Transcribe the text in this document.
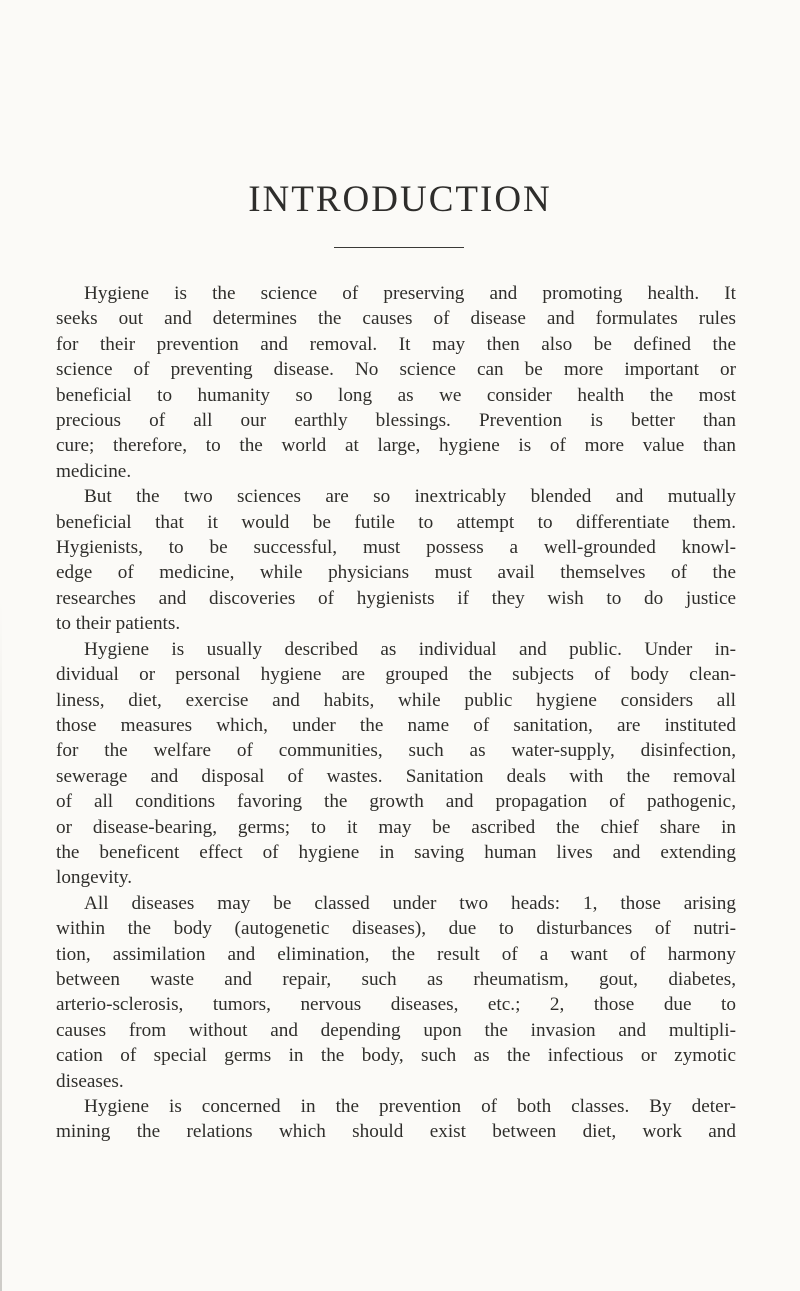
INTRODUCTION
Hygiene is the science of preserving and promoting health. It
seeks out and determines the causes of disease and formulates rules
for their prevention and removal. It may then also be defined the
science of preventing disease. No science can be more important or
beneficial to humanity so long as we consider health the most
precious of all our earthly blessings. Prevention is better than
cure; therefore, to the world at large, hygiene is of more value than
medicine.
But the two sciences are so inextricably blended and mutually
beneficial that it would be futile to attempt to differentiate them.
Hygienists, to be successful, must possess a well-grounded knowl-
edge of medicine, while physicians must avail themselves of the
researches and discoveries of hygienists if they wish to do justice
to their patients.
Hygiene is usually described as individual and public. Under in-
dividual or personal hygiene are grouped the subjects of body clean-
liness, diet, exercise and habits, while public hygiene considers all
those measures which, under the name of sanitation, are instituted
for the welfare of communities, such as water-supply, disinfection,
sewerage and disposal of wastes. Sanitation deals with the removal
of all conditions favoring the growth and propagation of pathogenic,
or disease-bearing, germs; to it may be ascribed the chief share in
the beneficent effect of hygiene in saving human lives and extending
longevity.
All diseases may be classed under two heads: 1, those arising
within the body (autogenetic diseases), due to disturbances of nutri-
tion, assimilation and elimination, the result of a want of harmony
between waste and repair, such as rheumatism, gout, diabetes,
arterio-sclerosis, tumors, nervous diseases, etc.; 2, those due to
causes from without and depending upon the invasion and multipli-
cation of special germs in the body, such as the infectious or zymotic
diseases.
Hygiene is concerned in the prevention of both classes. By deter-
mining the relations which should exist between diet, work and
